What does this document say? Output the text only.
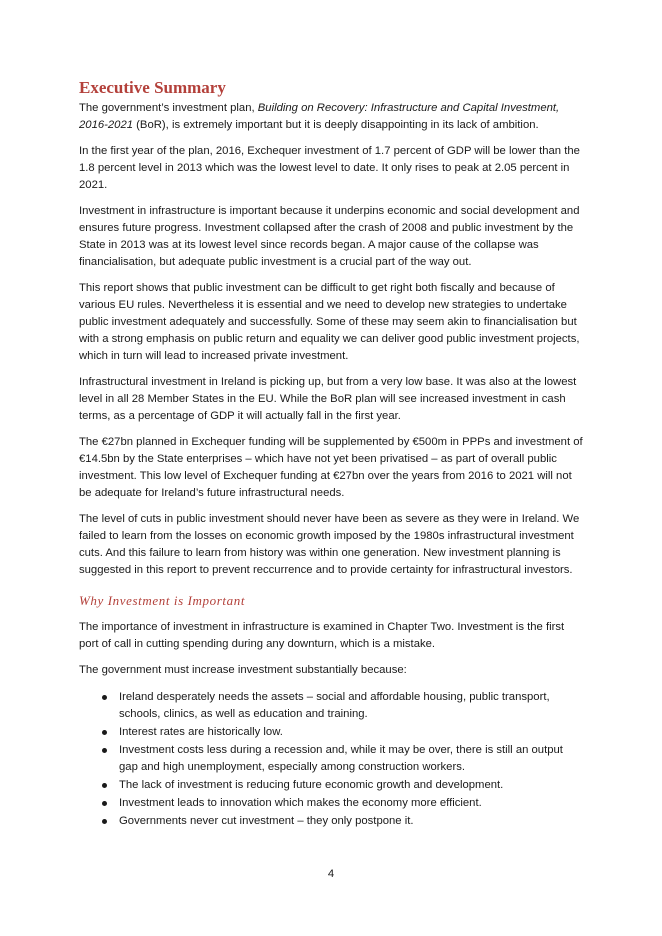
Executive Summary

The government’s investment plan, Building on Recovery: Infrastructure and Capital Investment, 2016-2021 (BoR), is extremely important but it is deeply disappointing in its lack of ambition.

In the first year of the plan, 2016, Exchequer investment of 1.7 percent of GDP will be lower than the 1.8 percent level in 2013 which was the lowest level to date. It only rises to peak at 2.05 percent in 2021.

Investment in infrastructure is important because it underpins economic and social development and ensures future progress. Investment collapsed after the crash of 2008 and public investment by the State in 2013 was at its lowest level since records began. A major cause of the collapse was financialisation, but adequate public investment is a crucial part of the way out.

This report shows that public investment can be difficult to get right both fiscally and because of various EU rules. Nevertheless it is essential and we need to develop new strategies to undertake public investment adequately and successfully. Some of these may seem akin to financialisation but with a strong emphasis on public return and equality we can deliver good public investment projects, which in turn will lead to increased private investment.

Infrastructural investment in Ireland is picking up, but from a very low base. It was also at the lowest level in all 28 Member States in the EU. While the BoR plan will see increased investment in cash terms, as a percentage of GDP it will actually fall in the first year.

The €27bn planned in Exchequer funding will be supplemented by €500m in PPPs and investment of €14.5bn by the State enterprises – which have not yet been privatised – as part of overall public investment. This low level of Exchequer funding at €27bn over the years from 2016 to 2021 will not be adequate for Ireland’s future infrastructural needs.

The level of cuts in public investment should never have been as severe as they were in Ireland. We failed to learn from the losses on economic growth imposed by the 1980s infrastructural investment cuts. And this failure to learn from history was within one generation. New investment planning is suggested in this report to prevent reccurrence and to provide certainty for infrastructural investors.

Why Investment is Important

The importance of investment in infrastructure is examined in Chapter Two. Investment is the first port of call in cutting spending during any downturn, which is a mistake.

The government must increase investment substantially because:

Ireland desperately needs the assets – social and affordable housing, public transport, schools, clinics, as well as education and training.
Interest rates are historically low.
Investment costs less during a recession and, while it may be over, there is still an output gap and high unemployment, especially among construction workers.
The lack of investment is reducing future economic growth and development.
Investment leads to innovation which makes the economy more efficient.
Governments never cut investment – they only postpone it.
4
